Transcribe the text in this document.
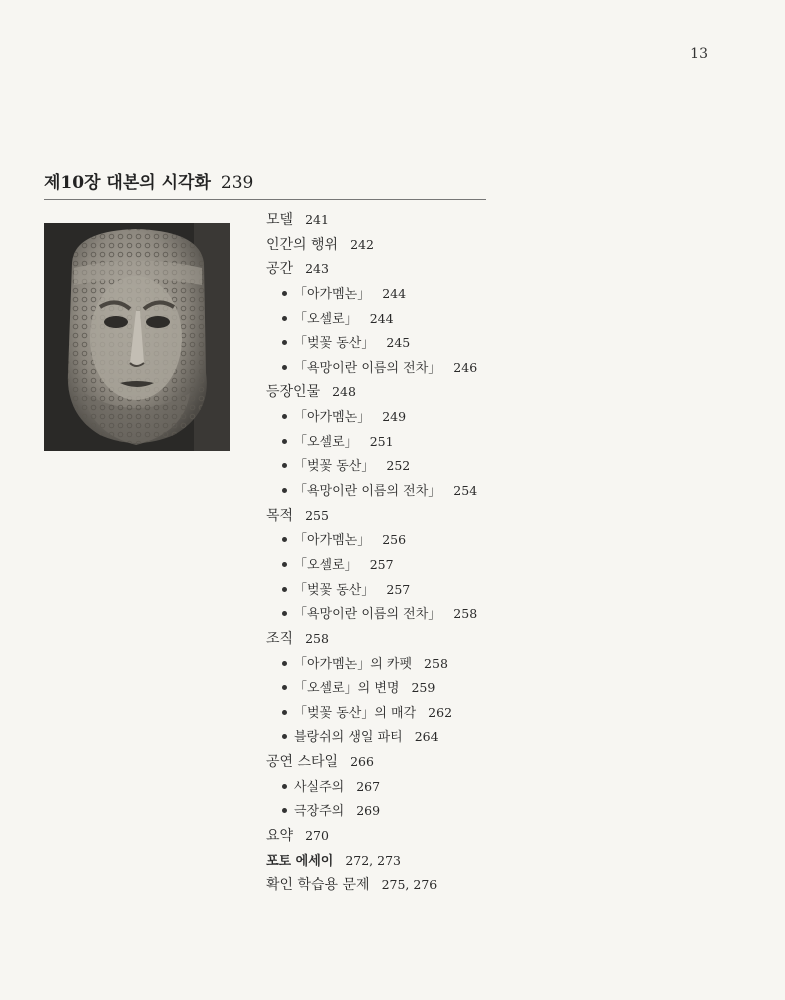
13
제10장 대본의 시각화 239
모델 241
인간의 행위 242
공간 243
「아가멤논」 244
「오셀로」 244
「벚꽃 동산」 245
「욕망이란 이름의 전차」 246
등장인물 248
「아가멤논」 249
「오셀로」 251
「벚꽃 동산」 252
「욕망이란 이름의 전차」 254
목적 255
「아가멤논」 256
「오셀로」 257
「벚꽃 동산」 257
「욕망이란 이름의 전차」 258
조직 258
「아가멤논」의 카펫 258
「오셀로」의 변명 259
「벚꽃 동산」의 매각 262
블랑쉬의 생일 파티 264
공연 스타일 266
사실주의 267
극장주의 269
요약 270
포토 에세이 272, 273
확인 학습용 문제 275, 276
